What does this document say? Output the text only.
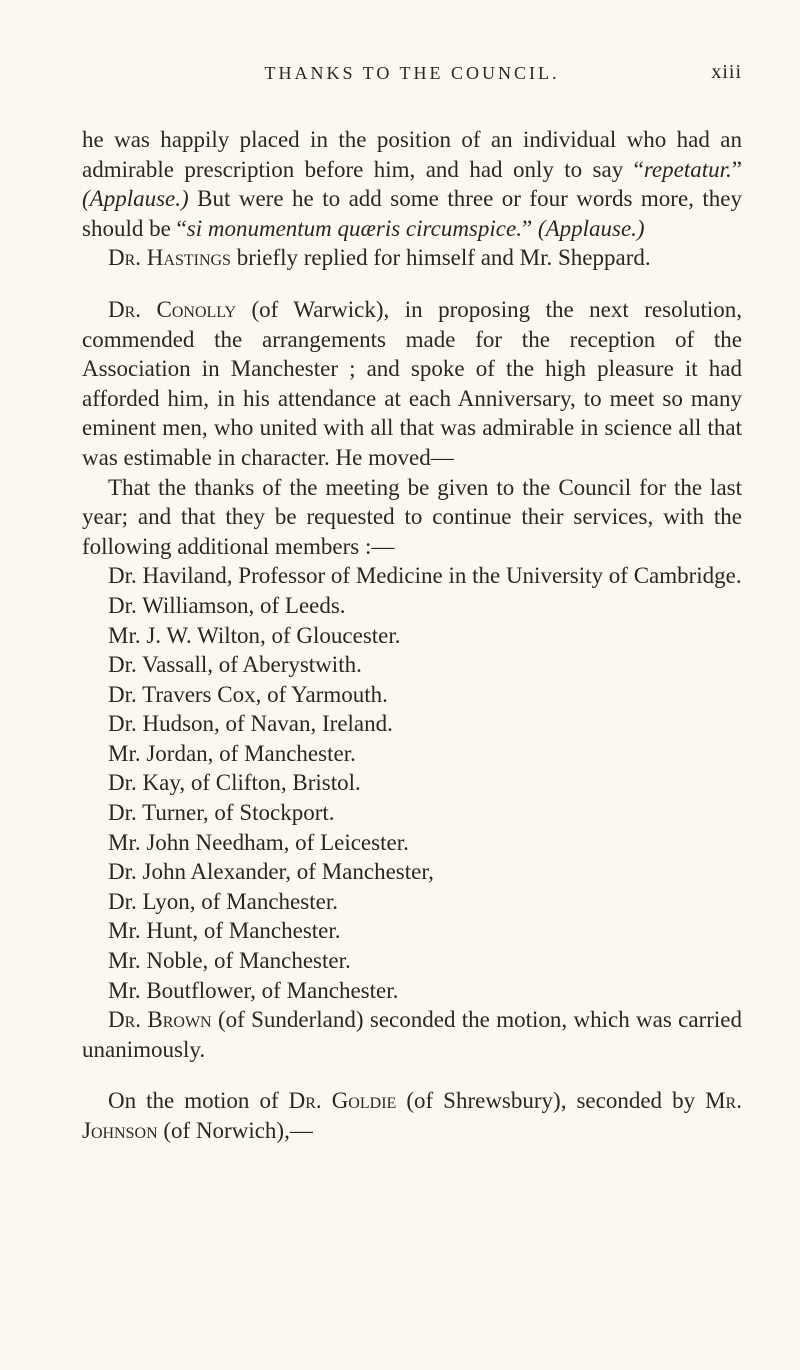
THANKS TO THE COUNCIL.	xiii

he was happily placed in the position of an individual who had an admirable prescription before him, and had only to say “repetatur.” (Applause.) But were he to add some three or four words more, they should be “si monumentum quæris circumspice.” (Applause.)

Dr. Hastings briefly replied for himself and Mr. Sheppard.

Dr. Conolly (of Warwick), in proposing the next resolution, commended the arrangements made for the reception of the Association in Manchester ; and spoke of the high pleasure it had afforded him, in his attendance at each Anniversary, to meet so many eminent men, who united with all that was admirable in science all that was estimable in character. He moved—

That the thanks of the meeting be given to the Council for the last year; and that they be requested to continue their services, with the following additional members :—

Dr. Haviland, Professor of Medicine in the University of Cambridge.
Dr. Williamson, of Leeds.
Mr. J. W. Wilton, of Gloucester.
Dr. Vassall, of Aberystwith.
Dr. Travers Cox, of Yarmouth.
Dr. Hudson, of Navan, Ireland.
Mr. Jordan, of Manchester.
Dr. Kay, of Clifton, Bristol.
Dr. Turner, of Stockport.
Mr. John Needham, of Leicester.
Dr. John Alexander, of Manchester,
Dr. Lyon, of Manchester.
Mr. Hunt, of Manchester.
Mr. Noble, of Manchester.
Mr. Boutflower, of Manchester.

Dr. Brown (of Sunderland) seconded the motion, which was carried unanimously.

On the motion of Dr. Goldie (of Shrewsbury), seconded by Mr. Johnson (of Norwich),—
